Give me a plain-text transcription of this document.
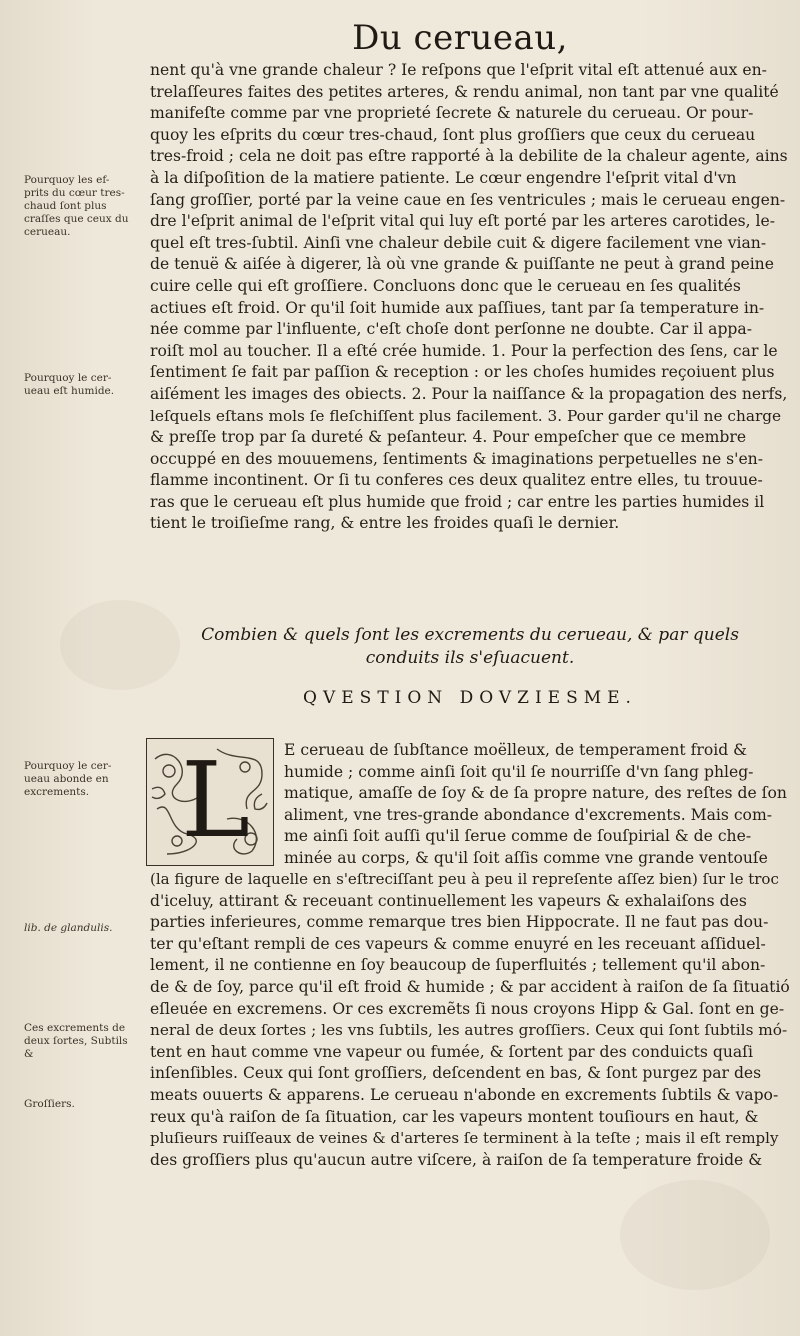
Du cerueau,
Pourquoy les ef- prits du cœur tres- chaud ſont plus craſſes que ceux du cerueau.
Pourquoy le cer- ueau eſt humide.
Pourquoy le cer- ueau abonde en excrements.
lib. de glandulis.
Ces excrements de deux ſortes, Subtils &
Groſſiers.
nent qu'à vne grande chaleur ? Ie reſpons que l'eſprit vital eſt attenué aux en-
trelaſſeures faites des petites arteres, & rendu animal, non tant par vne qualité
manifeſte comme par vne proprieté ſecrete & naturele du cerueau. Or pour-
quoy les eſprits du cœur tres-chaud, ſont plus groſſiers que ceux du cerueau
tres-froid ; cela ne doit pas eſtre rapporté à la debilite de la chaleur agente, ains
à la diſpoſition de la matiere patiente. Le cœur engendre l'eſprit vital d'vn
ſang groſſier, porté par la veine caue en ſes ventricules ; mais le cerueau engen-
dre l'eſprit animal de l'eſprit vital qui luy eſt porté par les arteres carotides, le-
quel eſt tres-ſubtil. Ainſi vne chaleur debile cuit & digere facilement vne vian-
de tenuë & aiſée à digerer, là où vne grande & puiſſante ne peut à grand peine
cuire celle qui eſt groſſiere. Concluons donc que le cerueau en ſes qualités
actiues eſt froid. Or qu'il ſoit humide aux paſſiues, tant par ſa temperature in-
née comme par l'influente, c'eſt choſe dont perſonne ne doubte. Car il appa-
roiſt mol au toucher. Il a eſté crée humide. 1. Pour la perfection des ſens, car le
ſentiment ſe fait par paſſion & reception : or les choſes humides reçoiuent plus
aiſément les images des obiects. 2. Pour la naiſſance & la propagation des nerfs,
leſquels eſtans mols ſe fleſchiſſent plus facilement. 3. Pour garder qu'il ne charge
& preſſe trop par ſa dureté & peſanteur. 4. Pour empeſcher que ce membre
occuppé en des mouuemens, ſentiments & imaginations perpetuelles ne s'en-
flamme incontinent. Or ſi tu conferes ces deux qualitez entre elles, tu trouue-
ras que le cerueau eſt plus humide que froid ; car entre les parties humides il
tient le troiſieſme rang, & entre les froides quaſi le dernier.
Combien & quels ſont les excrements du cerueau, & par quels
conduits ils s'eſuacuent.
QVESTION DOVZIESME.
L E cerueau de ſubſtance moëlleux, de temperament froid &
humide ; comme ainſi ſoit qu'il ſe nourriſſe d'vn ſang phleg-
matique, amaſſe de ſoy & de ſa propre nature, des reſtes de ſon
aliment, vne tres-grande abondance d'excrements. Mais com-
me ainſi ſoit auſſi qu'il ſerue comme de ſouſpirial & de che-
minée au corps, & qu'il ſoit aſſis comme vne grande ventouſe
(la figure de laquelle en s'eſtreciſſant peu à peu il repreſente aſſez bien) ſur le troc
d'iceluy, attirant & receuant continuellement les vapeurs & exhalaiſons des
parties inferieures, comme remarque tres bien Hippocrate. Il ne faut pas dou-
ter qu'eſtant rempli de ces vapeurs & comme enuyré en les receuant aſſiduel-
lement, il ne contienne en ſoy beaucoup de ſuperfluités ; tellement qu'il abon-
de & de ſoy, parce qu'il eſt froid & humide ; & par accident à raiſon de ſa ſituatió
eſleuée en excremens. Or ces excremẽts ſi nous croyons Hipp & Gal. ſont en ge-
neral de deux ſortes ; les vns ſubtils, les autres groſſiers. Ceux qui ſont ſubtils mó-
tent en haut comme vne vapeur ou fumée, & ſortent par des conduicts quaſi
inſenſibles. Ceux qui ſont groſſiers, deſcendent en bas, & ſont purgez par des
meats ouuerts & apparens. Le cerueau n'abonde en excrements ſubtils & vapo-
reux qu'à raiſon de ſa ſituation, car les vapeurs montent touſiours en haut, &
pluſieurs ruiſſeaux de veines & d'arteres ſe terminent à la teſte ; mais il eſt remply
des groſſiers plus qu'aucun autre viſcere, à raiſon de ſa temperature froide &
